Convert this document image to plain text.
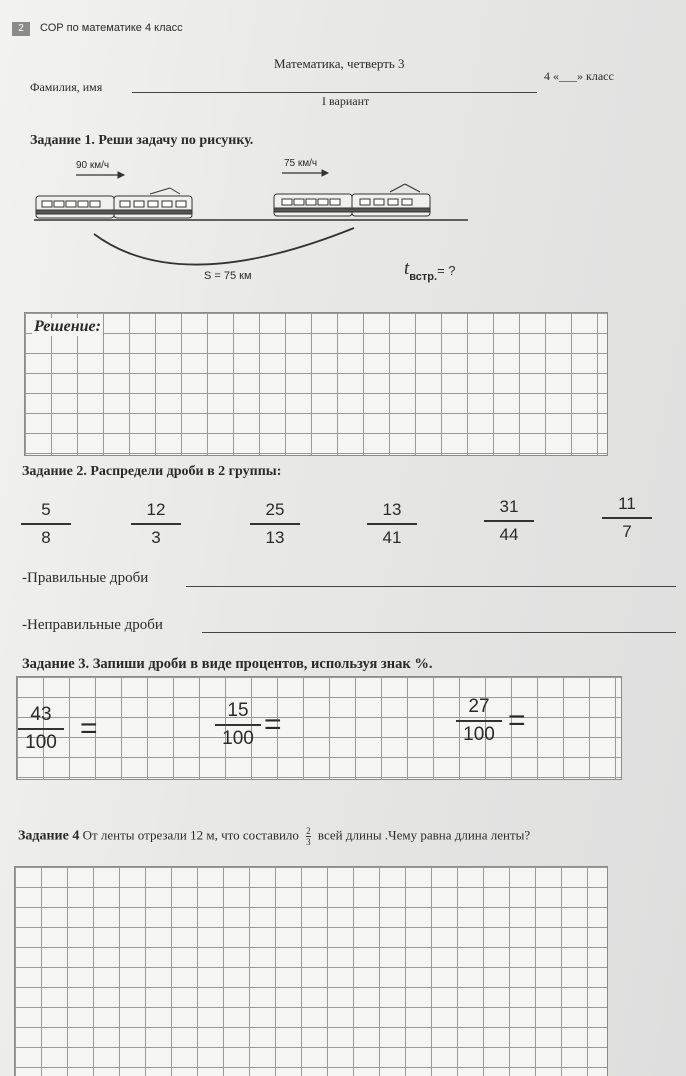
2	СОР по математике 4 класс
Математика, четверть 3
Фамилия, имя
4 «___» класс
I вариант
Задание 1. Реши задачу по рисунку.
90 км/ч	75 км/ч
S = 75 км	$t_{встр.}=$ ?
Решение:
Задание 2. Распредели дроби в 2 группы:
$\frac{5}{8}$	$\frac{12}{3}$	$\frac{25}{13}$	$\frac{13}{41}$	$\frac{31}{44}$	$\frac{11}{7}$
-Правильные дроби
-Неправильные дроби
Задание 3. Запиши дроби в виде процентов, используя знак %.
43
100 =
15
100 =
27
100 =
Задание 4 От ленты отрезали 12 м, что составило $\frac{2}{3}$ всей длины .Чему равна длина ленты?
